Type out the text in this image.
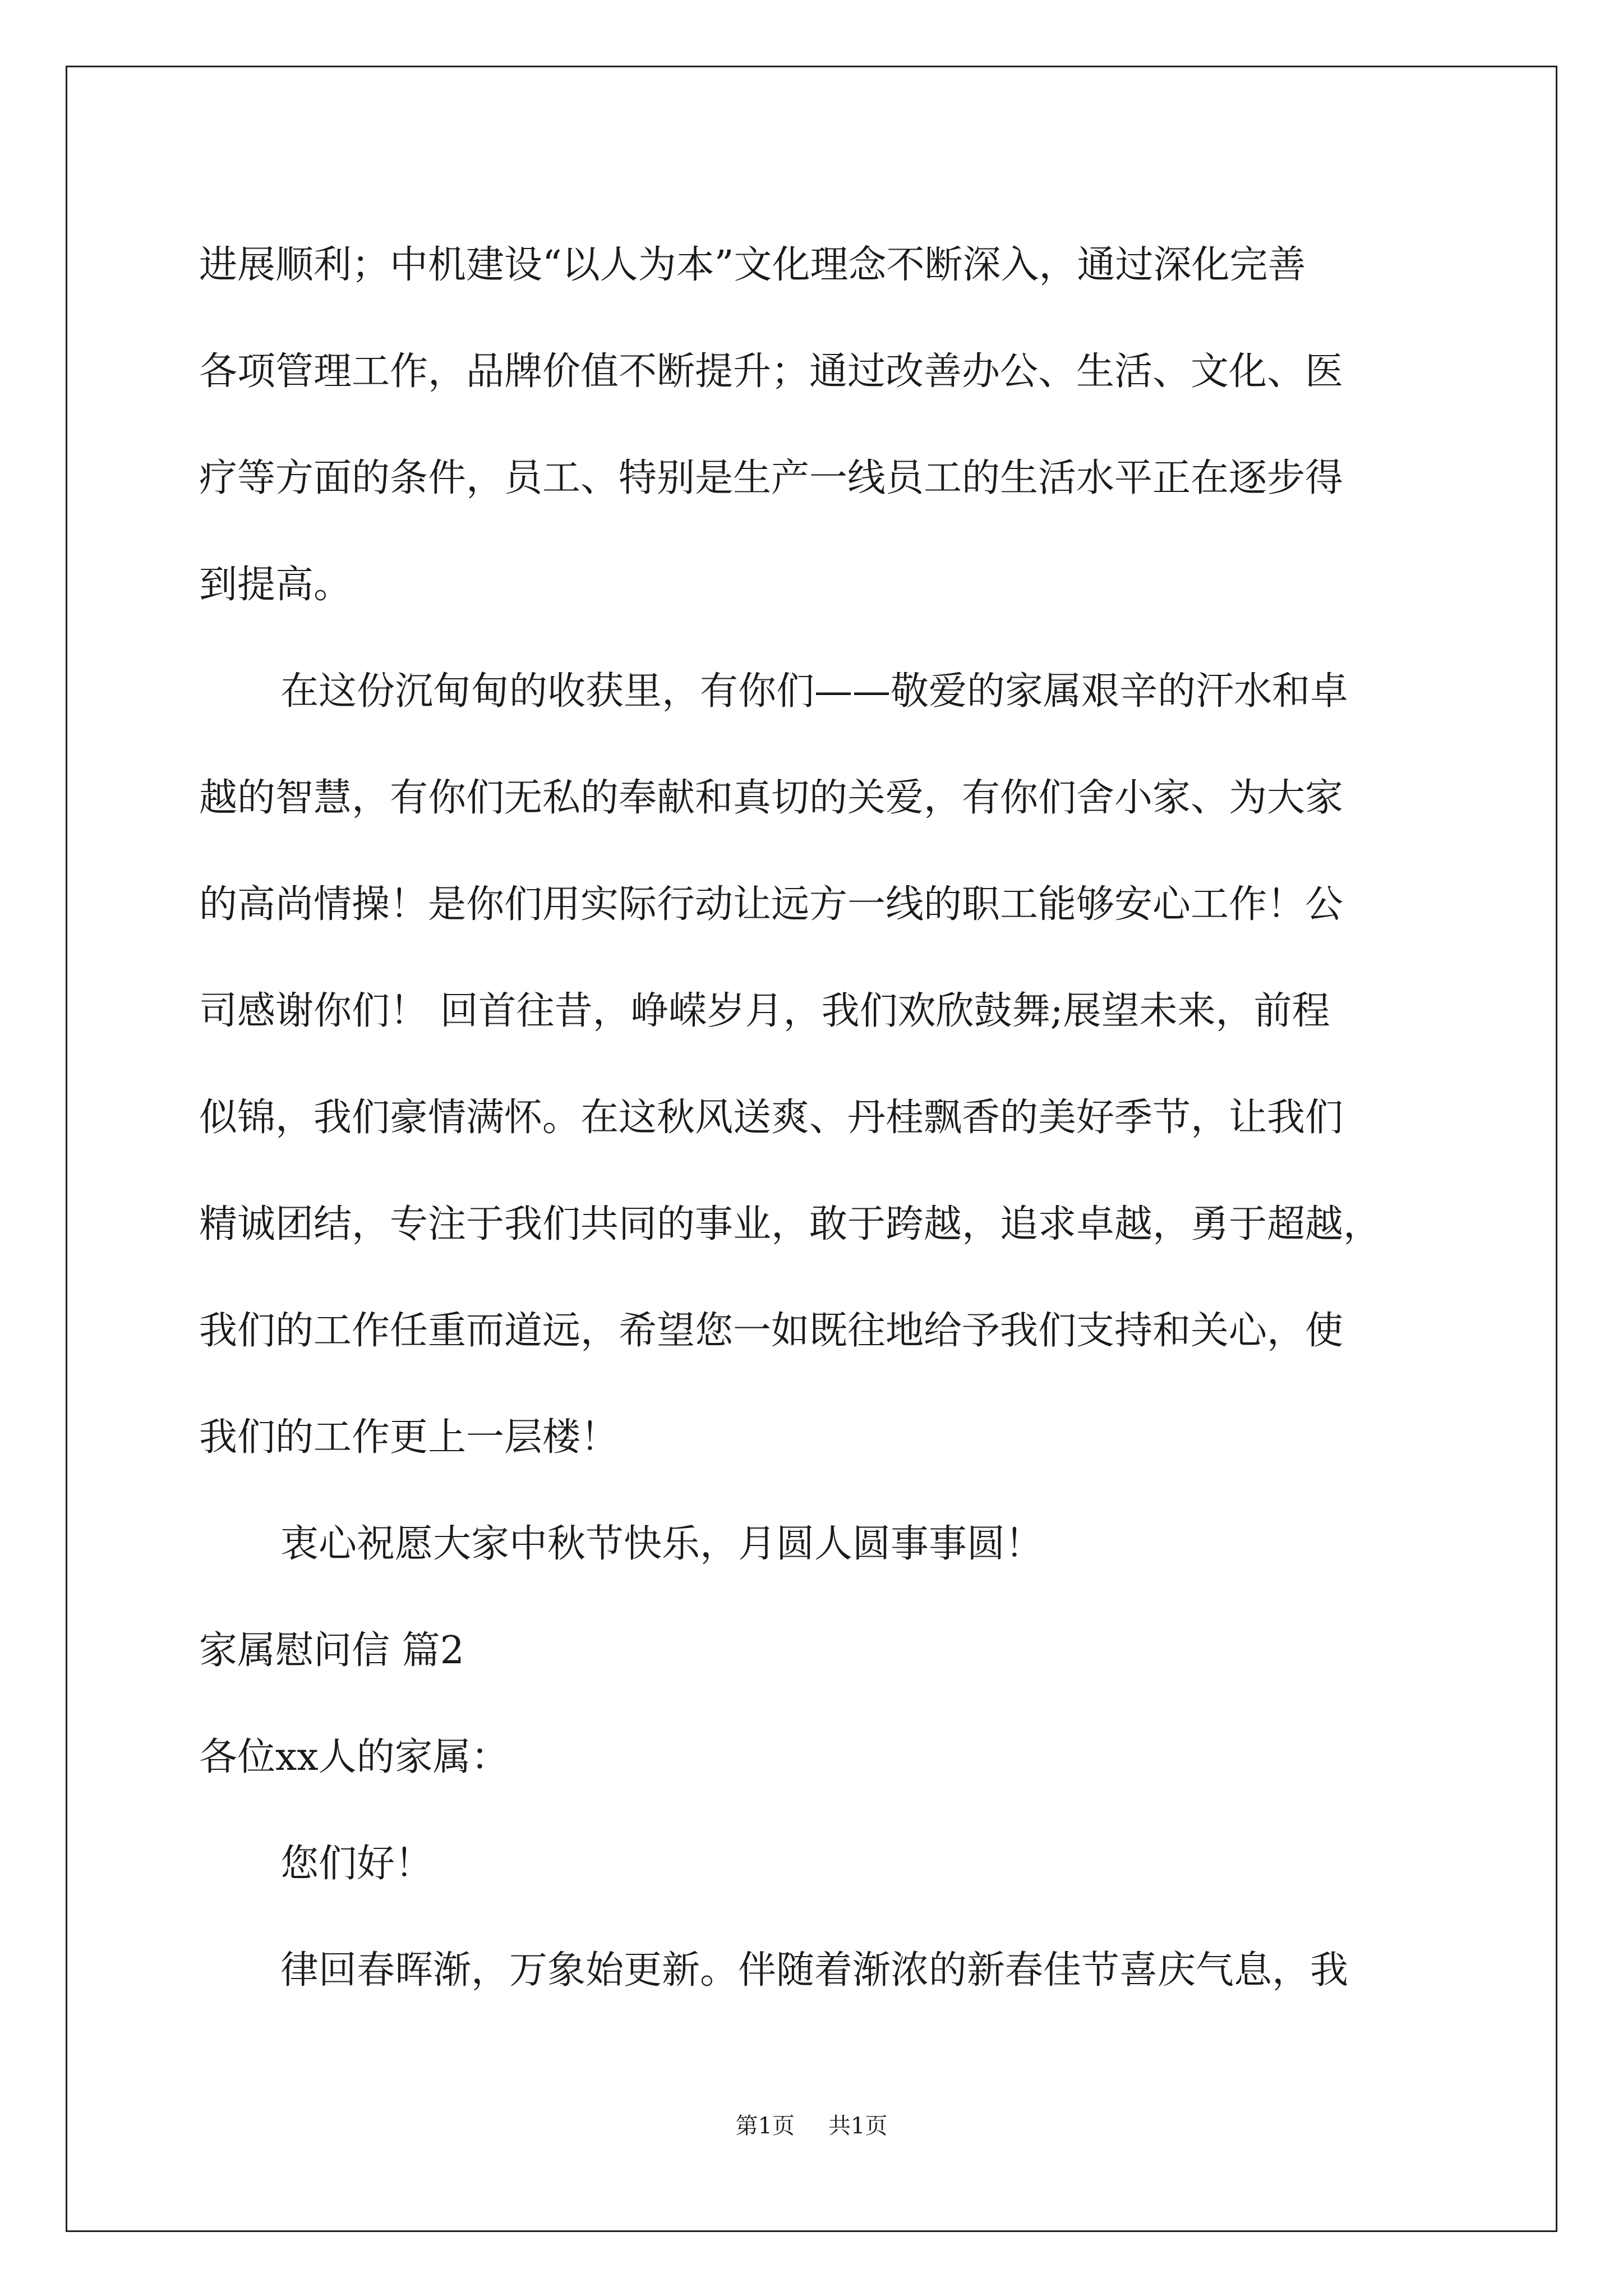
进展顺利；中机建设“以人为本”文化理念不断深入，通过深化完善
各项管理工作，品牌价值不断提升；通过改善办公、生活、文化、医
疗等方面的条件，员工、特别是生产一线员工的生活水平正在逐步得
到提高。
在这份沉甸甸的收获里，有你们——敬爱的家属艰辛的汗水和卓
越的智慧，有你们无私的奉献和真切的关爱，有你们舍小家、为大家
的高尚情操！是你们用实际行动让远方一线的职工能够安心工作！公
司感谢你们！ 回首往昔，峥嵘岁月，我们欢欣鼓舞;展望未来，前程
似锦，我们豪情满怀。在这秋风送爽、丹桂飘香的美好季节，让我们
精诚团结，专注于我们共同的事业，敢于跨越，追求卓越，勇于超越，
我们的工作任重而道远，希望您一如既往地给予我们支持和关心，使
我们的工作更上一层楼！
衷心祝愿大家中秋节快乐，月圆人圆事事圆！
家属慰问信 篇2
各位xx人的家属：
您们好！
律回春晖渐，万象始更新。伴随着渐浓的新春佳节喜庆气息，我
第1页 共1页
